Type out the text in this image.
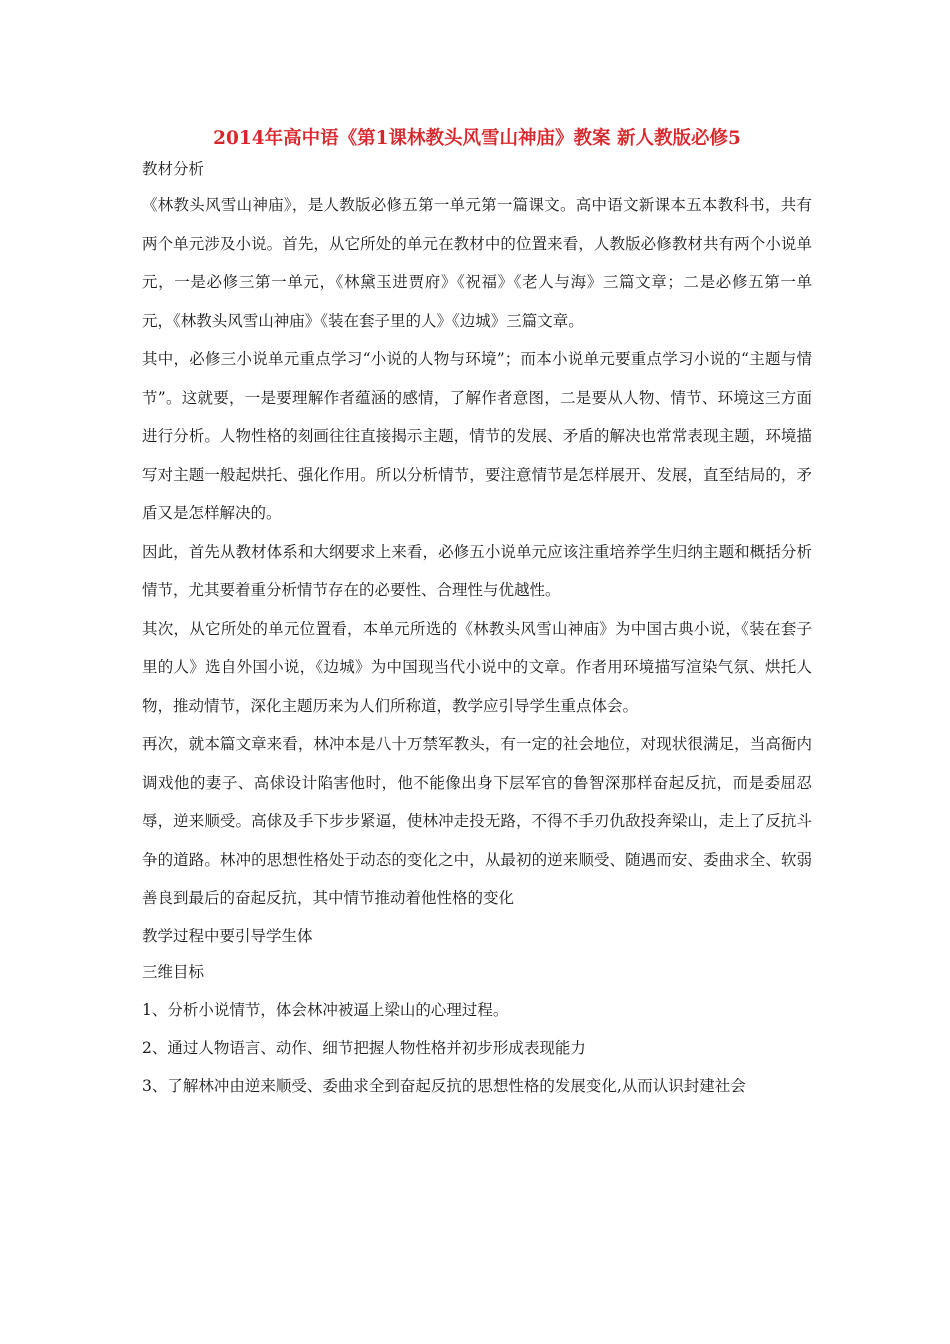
2014年高中语《第1课林教头风雪山神庙》教案 新人教版必修5

教材分析

《林教头风雪山神庙》，是人教版必修五第一单元第一篇课文。高中语文新课本五本教科书，共有两个单元涉及小说。首先，从它所处的单元在教材中的位置来看，人教版必修教材共有两个小说单元，一是必修三第一单元，《林黛玉进贾府》《祝福》《老人与海》三篇文章；二是必修五第一单元，《林教头风雪山神庙》《装在套子里的人》《边城》三篇文章。

其中，必修三小说单元重点学习“小说的人物与环境”；而本小说单元要重点学习小说的“主题与情节”。这就要，一是要理解作者蕴涵的感情，了解作者意图，二是要从人物、情节、环境这三方面进行分析。人物性格的刻画往往直接揭示主题，情节的发展、矛盾的解决也常常表现主题，环境描写对主题一般起烘托、强化作用。所以分析情节，要注意情节是怎样展开、发展，直至结局的，矛盾又是怎样解决的。

因此，首先从教材体系和大纲要求上来看，必修五小说单元应该注重培养学生归纳主题和概括分析情节，尤其要着重分析情节存在的必要性、合理性与优越性。

其次，从它所处的单元位置看，本单元所选的《林教头风雪山神庙》为中国古典小说，《装在套子里的人》选自外国小说，《边城》为中国现当代小说中的文章。作者用环境描写渲染气氛、烘托人物，推动情节，深化主题历来为人们所称道，教学应引导学生重点体会。

再次，就本篇文章来看，林冲本是八十万禁军教头，有一定的社会地位，对现状很满足，当高衙内调戏他的妻子、高俅设计陷害他时，他不能像出身下层军官的鲁智深那样奋起反抗，而是委屈忍辱，逆来顺受。高俅及手下步步紧逼，使林冲走投无路，不得不手刃仇敌投奔梁山，走上了反抗斗争的道路。林冲的思想性格处于动态的变化之中，从最初的逆来顺受、随遇而安、委曲求全、软弱善良到最后的奋起反抗，其中情节推动着他性格的变化

教学过程中要引导学生体

三维目标

1、分析小说情节，体会林冲被逼上梁山的心理过程。

2、通过人物语言、动作、细节把握人物性格并初步形成表现能力

3、了解林冲由逆来顺受、委曲求全到奋起反抗的思想性格的发展变化,从而认识封建社会
